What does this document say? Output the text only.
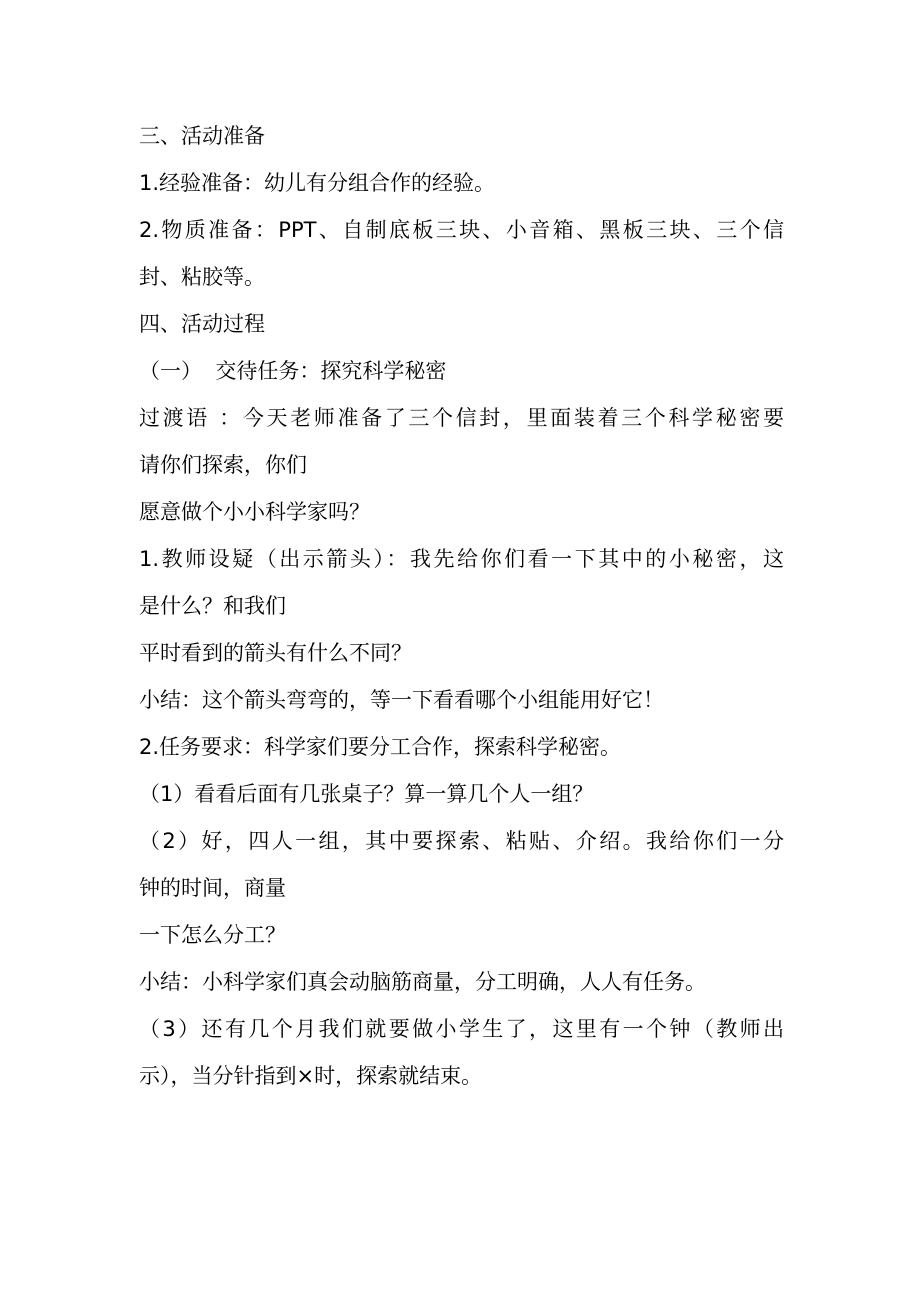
三、活动准备
1.经验准备：幼儿有分组合作的经验。
2.物质准备：PPT、自制底板三块、小音箱、黑板三块、三个信
封、粘胶等。
四、活动过程
（一）  交待任务：探究科学秘密
过渡语 ：今天老师准备了三个信封，里面装着三个科学秘密要
请你们探索，你们
愿意做个小小科学家吗？
1.教师设疑（出示箭头）：我先给你们看一下其中的小秘密，这
是什么？和我们
平时看到的箭头有什么不同？
小结：这个箭头弯弯的，等一下看看哪个小组能用好它！
2.任务要求：科学家们要分工合作，探索科学秘密。
（1）看看后面有几张桌子？算一算几个人一组？
（2）好，四人一组，其中要探索、粘贴、介绍。我给你们一分
钟的时间，商量
一下怎么分工？
小结：小科学家们真会动脑筋商量，分工明确，人人有任务。
（3）还有几个月我们就要做小学生了，这里有一个钟（教师出
示），当分针指到×时，探索就结束。
